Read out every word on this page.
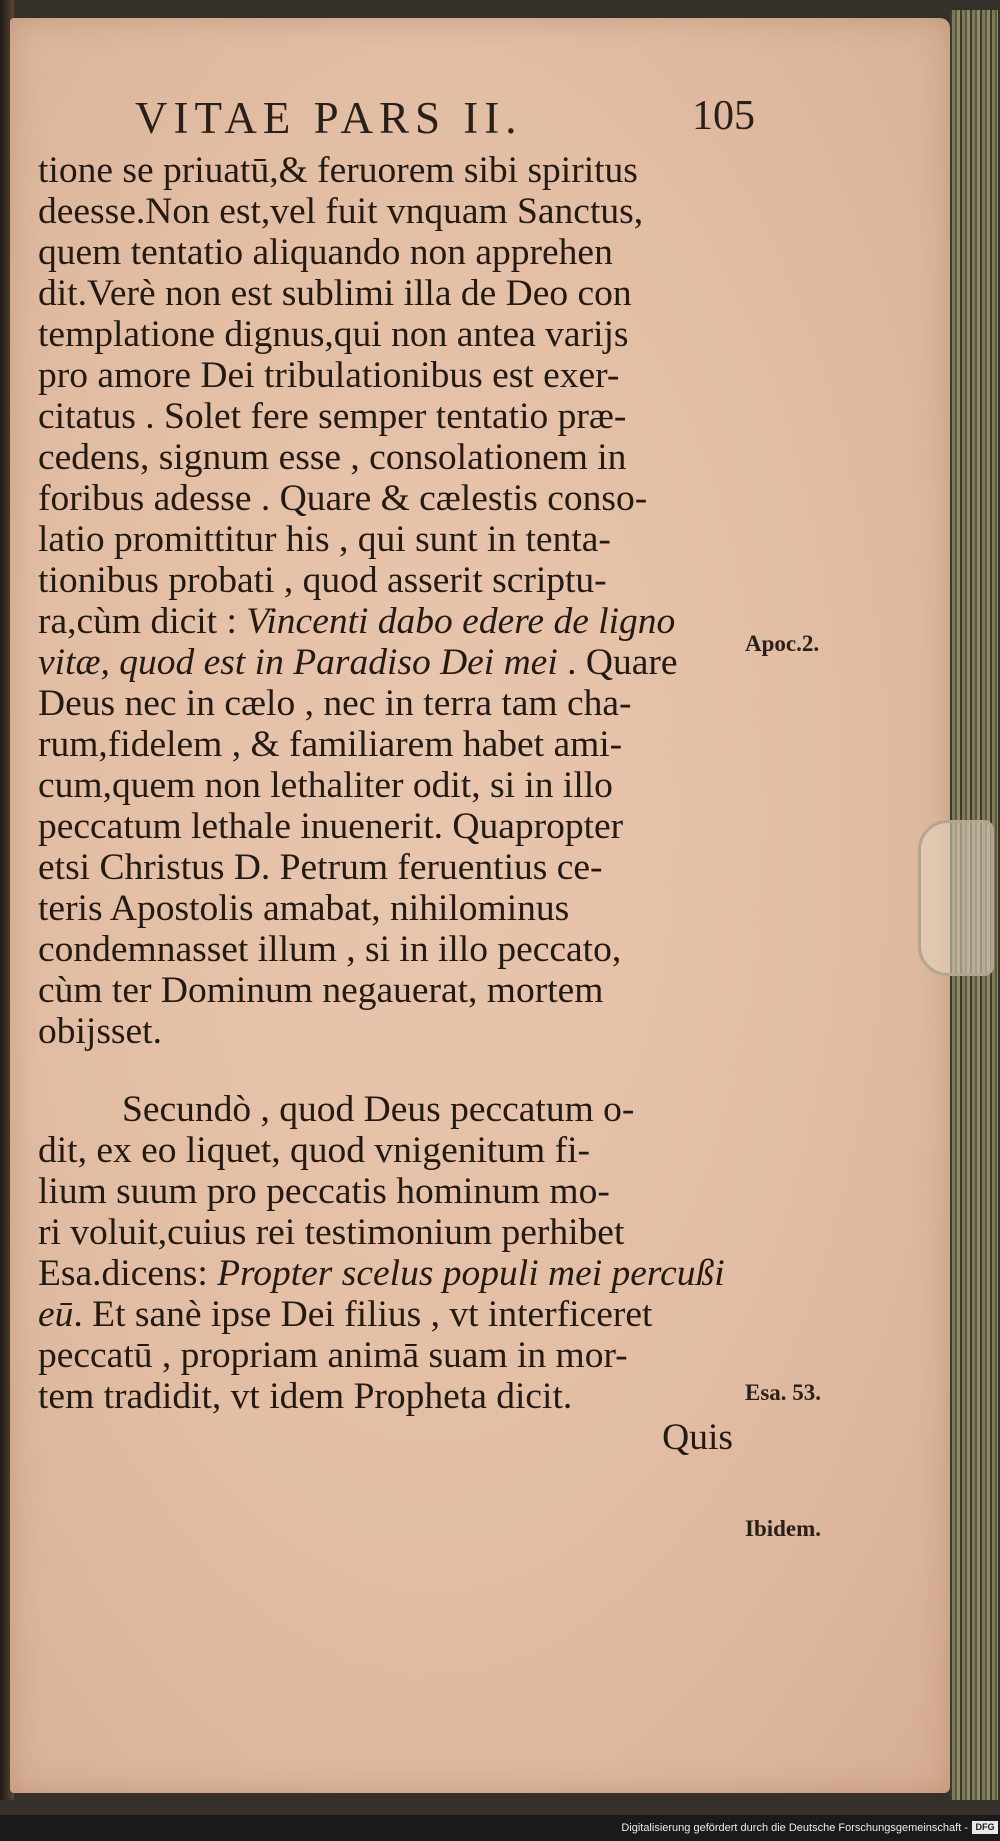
VITAE PARS II.	105
tione se priuatū,& feruorem sibi spiritus
deesse.Non est,vel fuit vnquam Sanctus,
quem tentatio aliquando non apprehen
dit.Verè non est sublimi illa de Deo con
templatione dignus,qui non antea varijs
pro amore Dei tribulationibus est exer-
citatus . Solet fere semper tentatio præ-
cedens, signum esse , consolationem in
foribus adesse . Quare & cælestis conso-
latio promittitur his , qui sunt in tenta-
tionibus probati , quod asserit scriptu-
ra,cùm dicit : Vincenti dabo edere de ligno
vitæ, quod est in Paradiso Dei mei . Quare
Deus nec in cælo , nec in terra tam cha-
rum,fidelem , & familiarem habet ami-
cum,quem non lethaliter odit, si in illo
peccatum lethale inuenerit. Quapropter
etsi Christus D. Petrum feruentius ce-
teris Apostolis amabat, nihilominus
condemnasset illum , si in illo peccato,
cùm ter Dominum negauerat, mortem
obijsset.
Secundò , quod Deus peccatum o-
dit, ex eo liquet, quod vnigenitum fi-
lium suum pro peccatis hominum mo-
ri voluit,cuius rei testimonium perhibet
Esa.dicens: Propter scelus populi mei percußi
eū. Et sanè ipse Dei filius , vt interficeret
peccatū , propriam animā suam in mor-
tem tradidit, vt idem Propheta dicit.
Quis
Apoc.2.
Esa. 53.
Ibidem.
Digitalisierung gefördert durch die Deutsche Forschungsgemeinschaft - DFG
